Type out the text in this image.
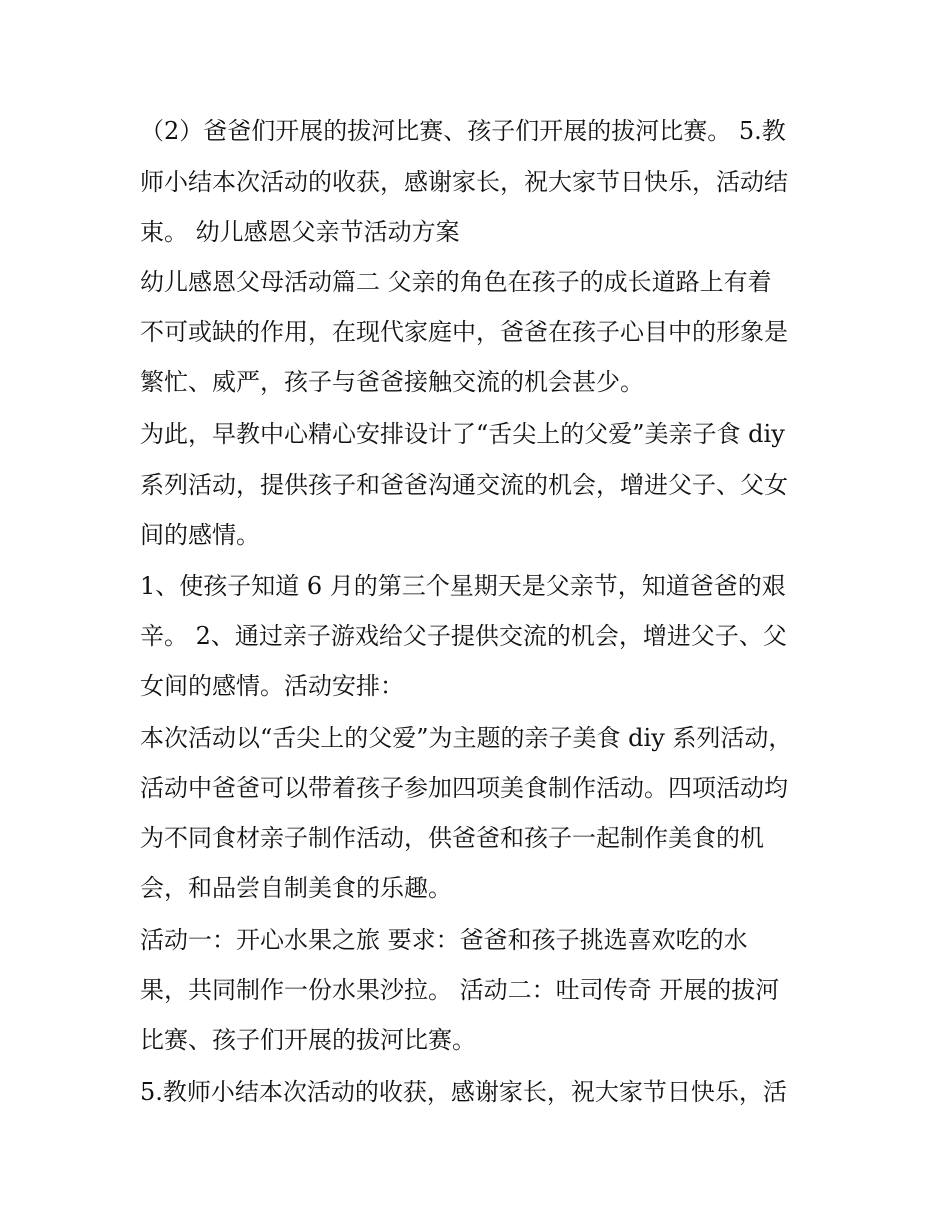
（2）爸爸们开展的拔河比赛、孩子们开展的拔河比赛。 5.教
师小结本次活动的收获，感谢家长，祝大家节日快乐，活动结
束。 幼儿感恩父亲节活动方案
幼儿感恩父母活动篇二 父亲的角色在孩子的成长道路上有着
不可或缺的作用，在现代家庭中，爸爸在孩子心目中的形象是
繁忙、威严，孩子与爸爸接触交流的机会甚少。
为此，早教中心精心安排设计了“舌尖上的父爱”美亲子食 diy
系列活动，提供孩子和爸爸沟通交流的机会，增进父子、父女
间的感情。
1、使孩子知道 6 月的第三个星期天是父亲节，知道爸爸的艰
辛。 2、通过亲子游戏给父子提供交流的机会，增进父子、父
女间的感情。活动安排：
本次活动以“舌尖上的父爱”为主题的亲子美食 diy 系列活动，
活动中爸爸可以带着孩子参加四项美食制作活动。四项活动均
为不同食材亲子制作活动，供爸爸和孩子一起制作美食的机
会，和品尝自制美食的乐趣。
活动一：开心水果之旅 要求：爸爸和孩子挑选喜欢吃的水
果，共同制作一份水果沙拉。 活动二：吐司传奇 开展的拔河
比赛、孩子们开展的拔河比赛。
5.教师小结本次活动的收获，感谢家长，祝大家节日快乐，活
